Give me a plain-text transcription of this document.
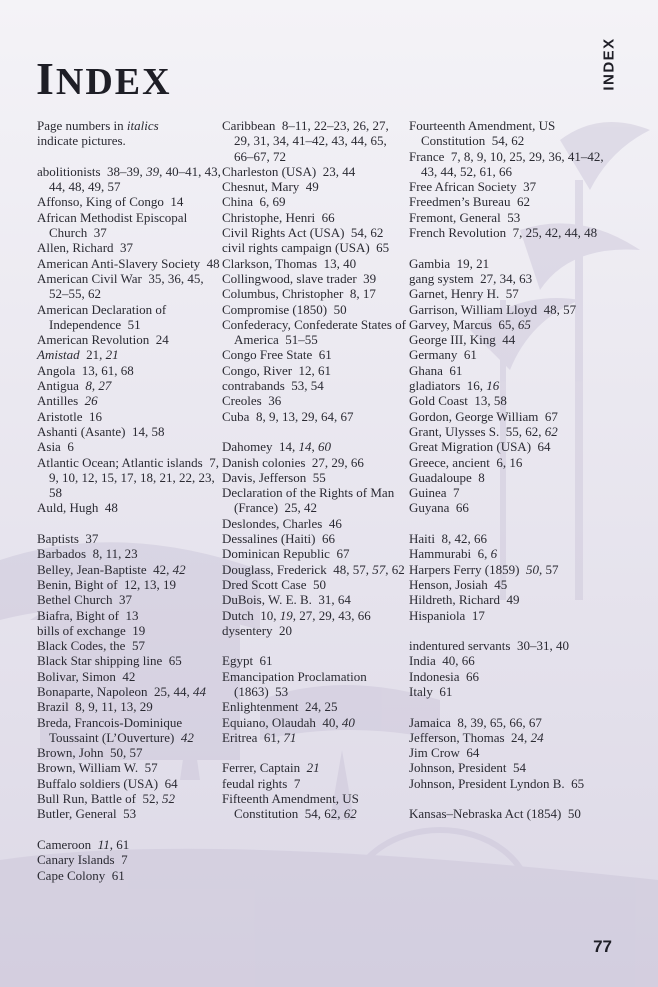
INDEX	INDEX
Page numbers in italics
indicate pictures.
abolitionists  38–39, 39, 40–41, 43, 44, 48, 49, 57
Affonso, King of Congo  14
African Methodist Episcopal Church  37
Allen, Richard  37
American Anti-Slavery Society  48
American Civil War  35, 36, 45, 52–55, 62
American Declaration of Independence  51
American Revolution  24
Amistad  21, 21
Angola  13, 61, 68
Antigua  8, 27
Antilles  26
Aristotle  16
Ashanti (Asante)  14, 58
Asia  6
Atlantic Ocean; Atlantic islands  7, 9, 10, 12, 15, 17, 18, 21, 22, 23, 58
Auld, Hugh  48
Baptists  37
Barbados  8, 11, 23
Belley, Jean-Baptiste  42, 42
Benin, Bight of  12, 13, 19
Bethel Church  37
Biafra, Bight of  13
bills of exchange  19
Black Codes, the  57
Black Star shipping line  65
Bolivar, Simon  42
Bonaparte, Napoleon  25, 44, 44
Brazil  8, 9, 11, 13, 29
Breda, Francois-Dominique Toussaint (L’Ouverture)  42
Brown, John  50, 57
Brown, William W.  57
Buffalo soldiers (USA)  64
Bull Run, Battle of  52, 52
Butler, General  53
Cameroon  11, 61
Canary Islands  7
Cape Colony  61
Caribbean  8–11, 22–23, 26, 27, 29, 31, 34, 41–42, 43, 44, 65, 66–67, 72
Charleston (USA)  23, 44
Chesnut, Mary  49
China  6, 69
Christophe, Henri  66
Civil Rights Act (USA)  54, 62
civil rights campaign (USA)  65
Clarkson, Thomas  13, 40
Collingwood, slave trader  39
Columbus, Christopher  8, 17
Compromise (1850)  50
Confederacy, Confederate States of America  51–55
Congo Free State  61
Congo, River  12, 61
contrabands  53, 54
Creoles  36
Cuba  8, 9, 13, 29, 64, 67
Dahomey  14, 14, 60
Danish colonies  27, 29, 66
Davis, Jefferson  55
Declaration of the Rights of Man (France)  25, 42
Deslondes, Charles  46
Dessalines (Haiti)  66
Dominican Republic  67
Douglass, Frederick  48, 57, 57, 62
Dred Scott Case  50
DuBois, W. E. B.  31, 64
Dutch  10, 19, 27, 29, 43, 66
dysentery  20
Egypt  61
Emancipation Proclamation (1863)  53
Enlightenment  24, 25
Equiano, Olaudah  40, 40
Eritrea  61, 71
Ferrer, Captain  21
feudal rights  7
Fifteenth Amendment, US Constitution  54, 62, 62
Fourteenth Amendment, US Constitution  54, 62
France  7, 8, 9, 10, 25, 29, 36, 41–42, 43, 44, 52, 61, 66
Free African Society  37
Freedmen’s Bureau  62
Fremont, General  53
French Revolution  7, 25, 42, 44, 48
Gambia  19, 21
gang system  27, 34, 63
Garnet, Henry H.  57
Garrison, William Lloyd  48, 57
Garvey, Marcus  65, 65
George III, King  44
Germany  61
Ghana  61
gladiators  16, 16
Gold Coast  13, 58
Gordon, George William  67
Grant, Ulysses S.  55, 62, 62
Great Migration (USA)  64
Greece, ancient  6, 16
Guadaloupe  8
Guinea  7
Guyana  66
Haiti  8, 42, 66
Hammurabi  6, 6
Harpers Ferry (1859)  50, 57
Henson, Josiah  45
Hildreth, Richard  49
Hispaniola  17
indentured servants  30–31, 40
India  40, 66
Indonesia  66
Italy  61
Jamaica  8, 39, 65, 66, 67
Jefferson, Thomas  24, 24
Jim Crow  64
Johnson, President  54
Johnson, President Lyndon B.  65
Kansas–Nebraska Act (1854)  50
77
